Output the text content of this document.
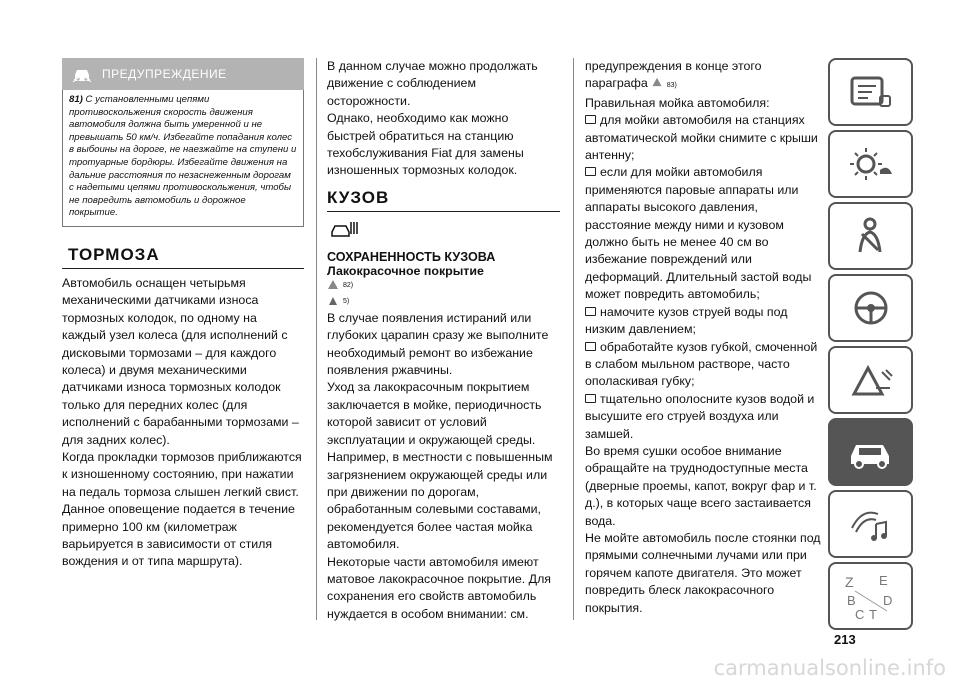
ПРЕДУПРЕЖДЕНИЕ
81) С установленными цепями противоскольжения скорость движения автомобиля должна быть умеренной и не превышать 50 км/ч. Избегайте попадания колес в выбоины на дороге, не наезжайте на ступени и тротуарные бордюры. Избегайте движения на дальние расстояния по незаснеженным дорогам с надетыми цепями противоскольжения, чтобы не повредить автомобиль и дорожное покрытие.
ТОРМОЗА

Автомобиль оснащен четырьмя механическими датчиками износа тормозных колодок, по одному на каждый узел колеса (для исполнений с дисковыми тормозами – для каждого колеса) и двумя механическими датчиками износа тормозных колодок только для передних колес (для исполнений с барабанными тормозами – для задних колес).

Когда прокладки тормозов приближаются к изношенному состоянию, при нажатии на педаль тормоза слышен легкий свист. Данное оповещение подается в течение примерно 100 км (километраж варьируется в зависимости от стиля вождения и от типа маршрута).

В данном случае можно продолжать движение с соблюдением осторожности.

Однако, необходимо как можно быстрей обратиться на станцию техобслуживания Fiat для замены изношенных тормозных колодок.

КУЗОВ
СОХРАНЕННОСТЬ КУЗОВА
Лакокрасочное покрытие
82)
5)

В случае появления истираний или глубоких царапин сразу же выполните необходимый ремонт во избежание появления ржавчины.

Уход за лакокрасочным покрытием заключается в мойке, периодичность которой зависит от условий эксплуатации и окружающей среды. Например, в местности с повышенным загрязнением окружающей среды или при движении по дорогам, обработанным солевыми составами, рекомендуется более частая мойка автомобиля.

Некоторые части автомобиля имеют матовое лакокрасочное покрытие. Для сохранения его свойств автомобиль нуждается в особом внимании: см.

предупреждения в конце этого параграфа	83)

Правильная мойка автомобиля:

для мойки автомобиля на станциях автоматической мойки снимите с крыши антенну;

если для мойки автомобиля применяются паровые аппараты или аппараты высокого давления, расстояние между ними и кузовом должно быть не менее 40 см во избежание повреждений или деформаций. Длительный застой воды может повредить автомобиль;

намочите кузов струей воды под низким давлением;

обработайте кузов губкой, смоченной в слабом мыльном растворе, часто ополаскивая губку;

тщательно ополосните кузов водой и высушите его струей воздуха или замшей.

Во время сушки особое внимание обращайте на труднодоступные места (дверные проемы, капот, вокруг фар и т. д.), в которых чаще всего застаивается вода.

Не мойте автомобиль после стоянки под прямыми солнечными лучами или при горячем капоте двигателя. Это может повредить блеск лакокрасочного покрытия.

Z E
B D
C T
213
carmanualsonline.info
